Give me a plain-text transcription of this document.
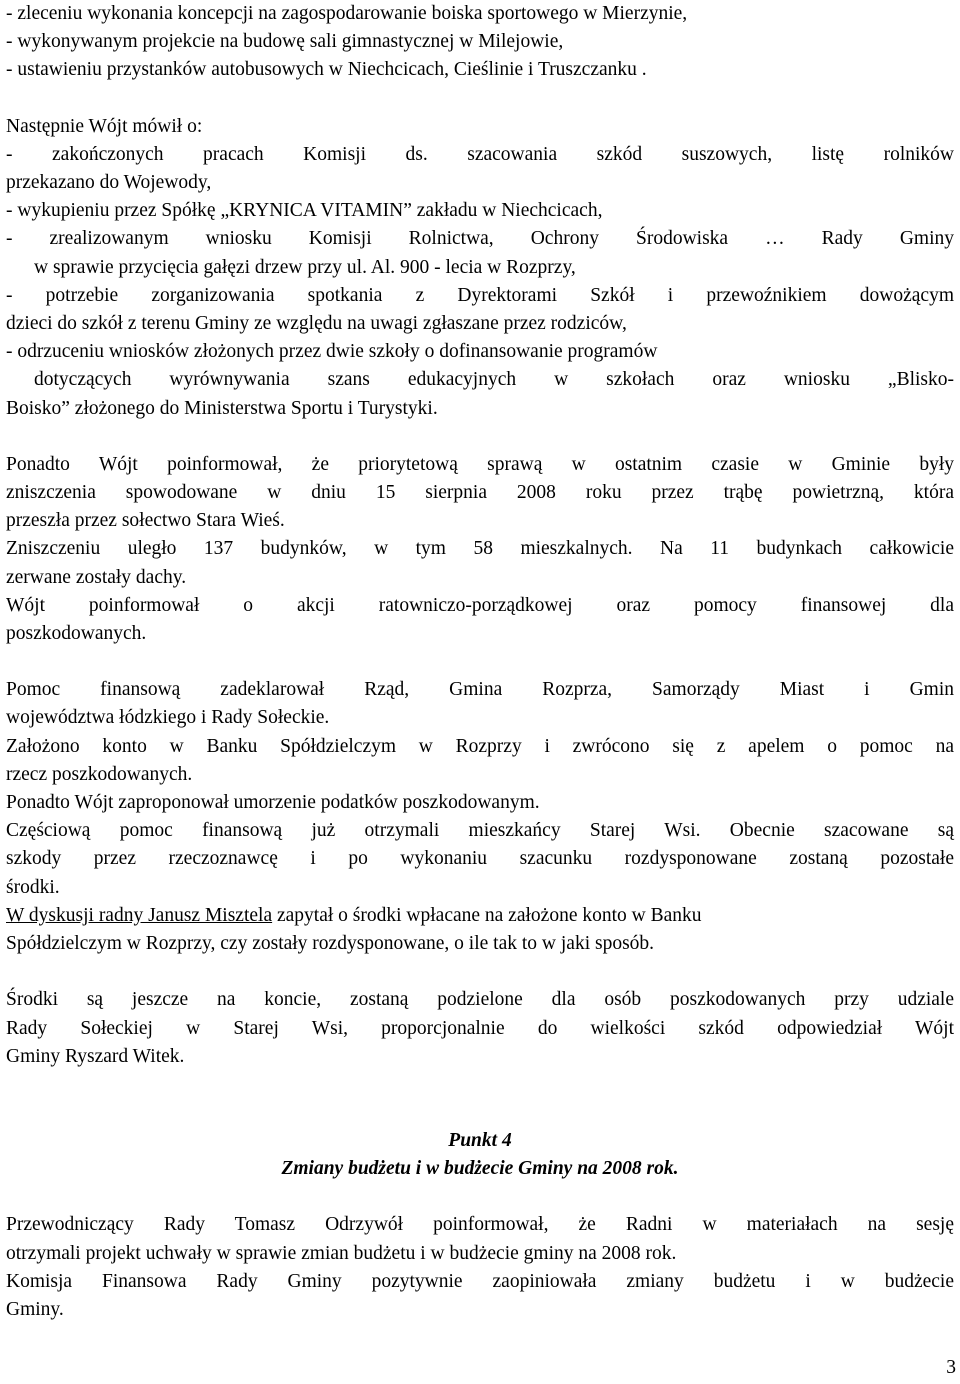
- zleceniu wykonania koncepcji na zagospodarowanie boiska sportowego w Mierzynie,
- wykonywanym projekcie na budowę sali gimnastycznej w Milejowie,
- ustawieniu przystanków autobusowych w Niechcicach, Cieślinie i Truszczanku .
Następnie Wójt mówił o:
- zakończonych pracach Komisji ds. szacowania szkód suszowych, listę rolników
przekazano do Wojewody,
- wykupieniu przez Spółkę „KRYNICA VITAMIN” zakładu w Niechcicach,
- zrealizowanym wniosku Komisji Rolnictwa, Ochrony Środowiska … Rady Gminy
w sprawie przycięcia gałęzi drzew przy ul. Al. 900 - lecia w Rozprzy,
- potrzebie zorganizowania spotkania z Dyrektorami Szkół i przewoźnikiem dowożącym
dzieci do szkół z terenu Gminy ze względu na uwagi zgłaszane przez rodziców,
- odrzuceniu wniosków złożonych przez dwie szkoły o dofinansowanie programów
dotyczących wyrównywania szans edukacyjnych w szkołach oraz wniosku „Blisko-
Boisko” złożonego do Ministerstwa Sportu i Turystyki.
Ponadto Wójt poinformował, że priorytetową sprawą w ostatnim czasie w Gminie były
zniszczenia spowodowane w dniu 15 sierpnia 2008 roku przez trąbę powietrzną, która
przeszła przez sołectwo Stara Wieś.
Zniszczeniu uległo 137 budynków, w tym 58 mieszkalnych. Na 11 budynkach całkowicie
zerwane zostały dachy.
Wójt poinformował o akcji ratowniczo-porządkowej oraz pomocy finansowej dla
poszkodowanych.
Pomoc finansową zadeklarował Rząd, Gmina Rozprza, Samorządy Miast i Gmin
województwa łódzkiego i Rady Sołeckie.
Założono konto w Banku Spółdzielczym w Rozprzy i zwrócono się z apelem o pomoc na
rzecz poszkodowanych.
Ponadto Wójt zaproponował umorzenie podatków poszkodowanym.
Częściową pomoc finansową już otrzymali mieszkańcy Starej Wsi. Obecnie szacowane są
szkody przez rzeczoznawcę i po wykonaniu szacunku rozdysponowane zostaną pozostałe
środki.
W dyskusji radny Janusz Misztela zapytał o środki wpłacane na założone konto w Banku
Spółdzielczym w Rozprzy, czy zostały rozdysponowane, o ile tak to w jaki sposób.
Środki są jeszcze na koncie, zostaną podzielone dla osób poszkodowanych przy udziale
Rady Sołeckiej w Starej Wsi, proporcjonalnie do wielkości szkód odpowiedział Wójt
Gminy Ryszard Witek.
Punkt 4
Zmiany budżetu i w budżecie Gminy na 2008 rok.
Przewodniczący Rady Tomasz Odrzywół poinformował, że Radni w materiałach na sesję
otrzymali projekt uchwały w sprawie zmian budżetu i w budżecie gminy na 2008 rok.
Komisja Finansowa Rady Gminy pozytywnie zaopiniowała zmiany budżetu i w budżecie
Gminy.
3
